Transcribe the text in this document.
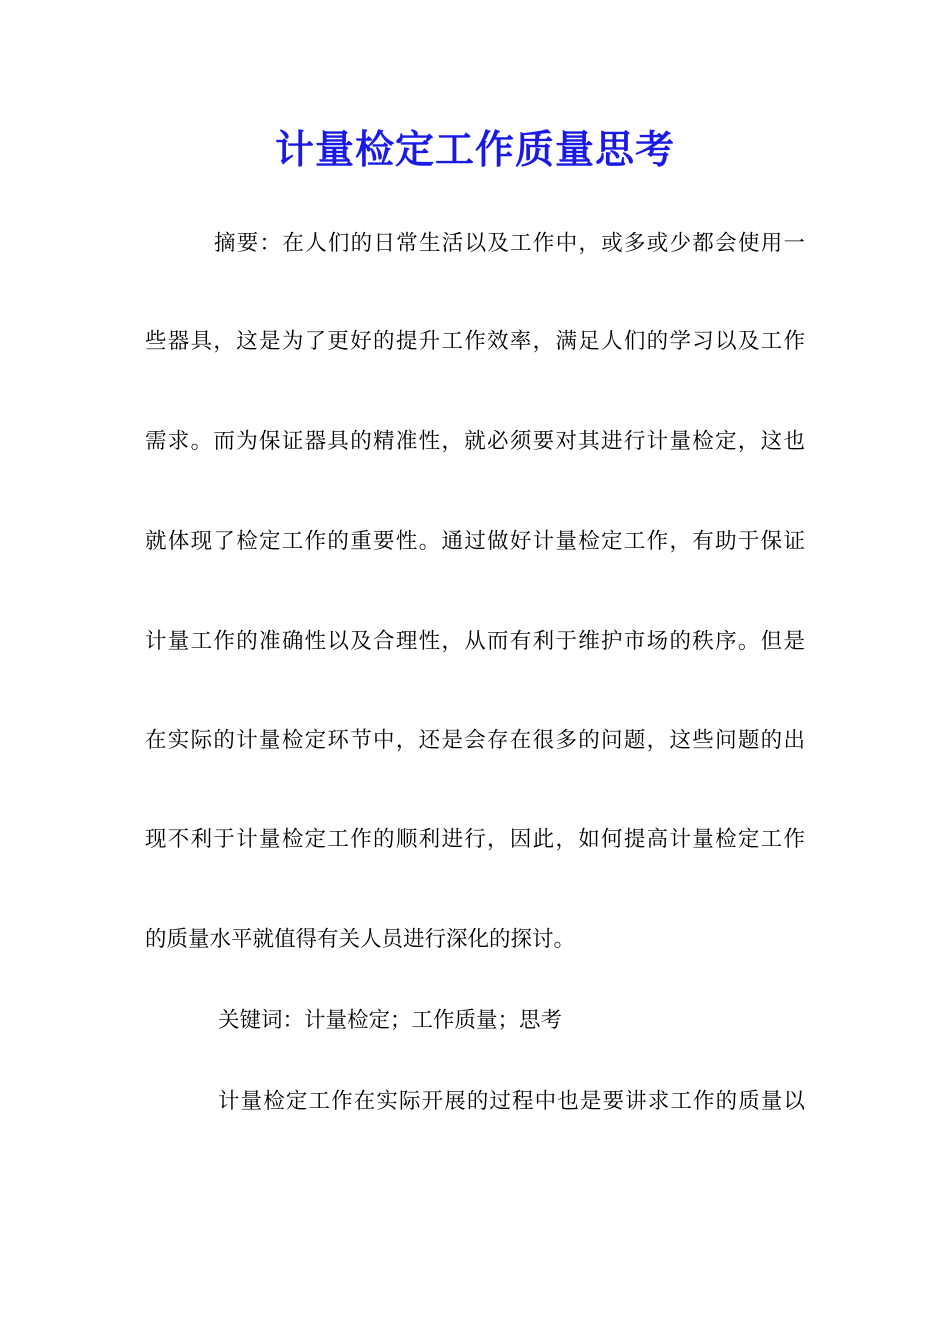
计量检定工作质量思考

摘要：在人们的日常生活以及工作中，或多或少都会使用一

些器具，这是为了更好的提升工作效率，满足人们的学习以及工作

需求。而为保证器具的精准性，就必须要对其进行计量检定，这也

就体现了检定工作的重要性。通过做好计量检定工作，有助于保证

计量工作的准确性以及合理性，从而有利于维护市场的秩序。但是

在实际的计量检定环节中，还是会存在很多的问题，这些问题的出

现不利于计量检定工作的顺利进行，因此，如何提高计量检定工作

的质量水平就值得有关人员进行深化的探讨。

关键词：计量检定；工作质量；思考

计量检定工作在实际开展的过程中也是要讲求工作的质量以
